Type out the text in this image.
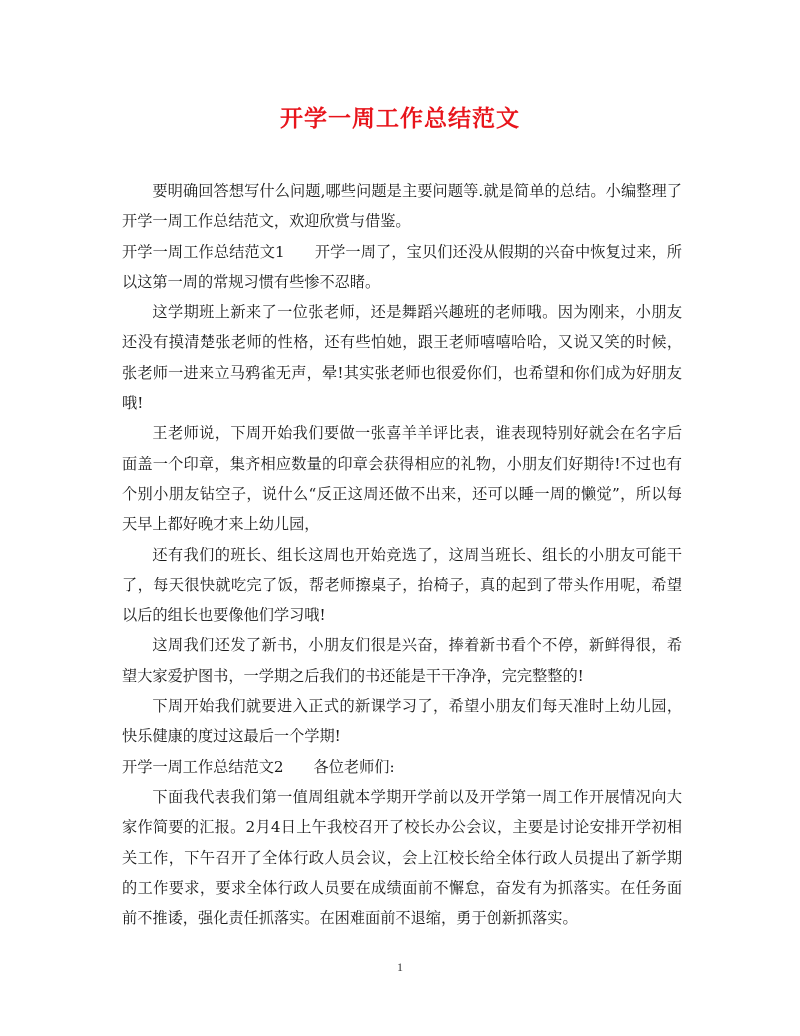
开学一周工作总结范文

要明确回答想写什么问题,哪些问题是主要问题等.就是简单的总结。小编整理了开学一周工作总结范文，欢迎欣赏与借鉴。

开学一周工作总结范文1 开学一周了，宝贝们还没从假期的兴奋中恢复过来，所以这第一周的常规习惯有些惨不忍睹。

这学期班上新来了一位张老师，还是舞蹈兴趣班的老师哦。因为刚来，小朋友还没有摸清楚张老师的性格，还有些怕她，跟王老师嘻嘻哈哈，又说又笑的时候，张老师一进来立马鸦雀无声，晕!其实张老师也很爱你们，也希望和你们成为好朋友哦!

王老师说，下周开始我们要做一张喜羊羊评比表，谁表现特别好就会在名字后面盖一个印章，集齐相应数量的印章会获得相应的礼物，小朋友们好期待!不过也有个别小朋友钻空子，说什么“反正这周还做不出来，还可以睡一周的懒觉”，所以每天早上都好晚才来上幼儿园，

还有我们的班长、组长这周也开始竞选了，这周当班长、组长的小朋友可能干了，每天很快就吃完了饭，帮老师擦桌子，抬椅子，真的起到了带头作用呢，希望以后的组长也要像他们学习哦!

这周我们还发了新书，小朋友们很是兴奋，捧着新书看个不停，新鲜得很，希望大家爱护图书，一学期之后我们的书还能是干干净净，完完整整的!

下周开始我们就要进入正式的新课学习了，希望小朋友们每天准时上幼儿园，快乐健康的度过这最后一个学期!

开学一周工作总结范文2 各位老师们:

下面我代表我们第一值周组就本学期开学前以及开学第一周工作开展情况向大家作简要的汇报。2月4日上午我校召开了校长办公会议，主要是讨论安排开学初相关工作，下午召开了全体行政人员会议，会上江校长给全体行政人员提出了新学期的工作要求，要求全体行政人员要在成绩面前不懈怠，奋发有为抓落实。在任务面前不推诿，强化责任抓落实。在困难面前不退缩，勇于创新抓落实。

1
